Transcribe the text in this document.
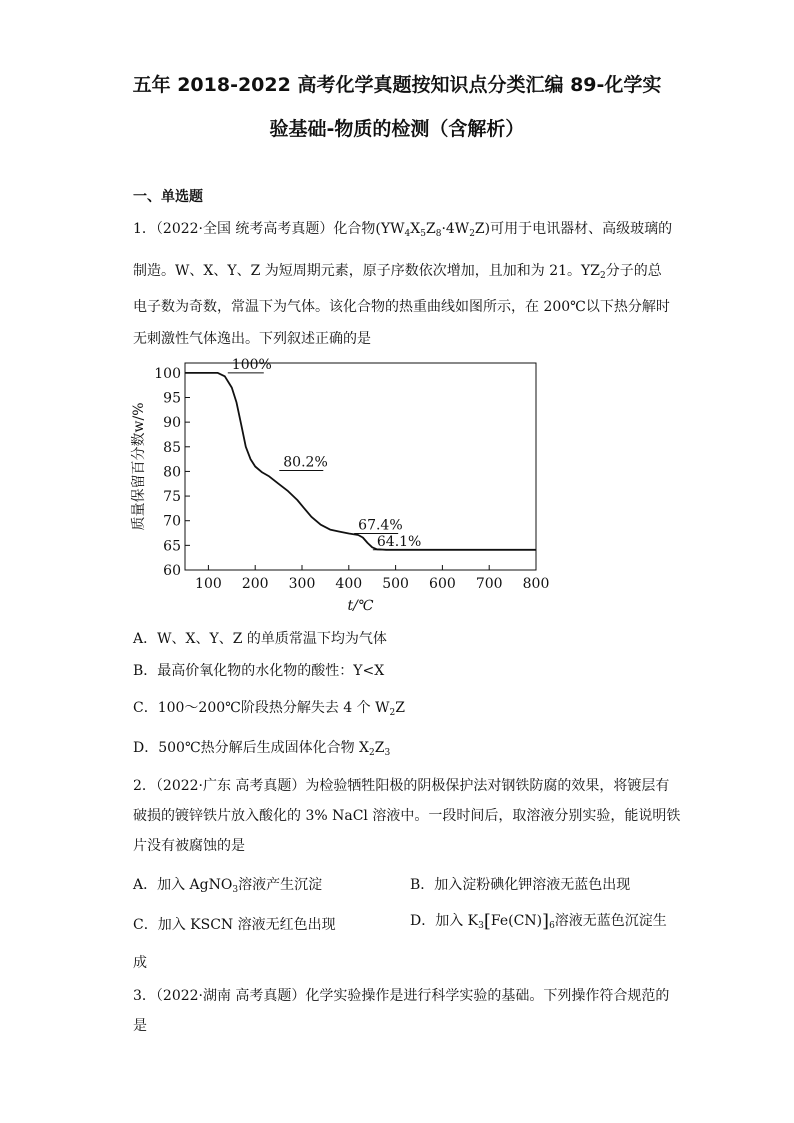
五年 2018-2022 高考化学真题按知识点分类汇编 89-化学实
验基础-物质的检测（含解析）
一、单选题
1．（2022·全国 统考高考真题）化合物$(YW_4X_5Z_8\cdot 4W_2Z)$可用于电讯器材、高级玻璃的
制造。W、X、Y、Z 为短周期元素，原子序数依次增加，且加和为 21。$YZ_2$分子的总
电子数为奇数，常温下为气体。该化合物的热重曲线如图所示，在 200℃以下热分解时
无刺激性气体逸出。下列叙述正确的是
100 200 300 400 500 600 700 800
60
65
70
75
80
85
90
95
100
100%
80.2%
67.4%
64.1%
t/℃
质量保留百分数w/%
A．W、X、Y、Z 的单质常温下均为气体
B．最高价氧化物的水化物的酸性：Y<X
C．100～200℃阶段热分解失去 4 个 $W_2Z$
D．500℃热分解后生成固体化合物 $X_2Z_3$
2．（2022·广东 高考真题）为检验牺牲阳极的阴极保护法对钢铁防腐的效果，将镀层有
破损的镀锌铁片放入酸化的 3% NaCl 溶液中。一段时间后，取溶液分别实验，能说明铁
片没有被腐蚀的是
A．加入 AgNO$_3$溶液产生沉淀	B．加入淀粉碘化钾溶液无蓝色出现
C．加入 KSCN 溶液无红色出现	D．加入 $K_3[Fe(CN)]_6$溶液无蓝色沉淀生
成
3．（2022·湖南 高考真题）化学实验操作是进行科学实验的基础。下列操作符合规范的
是
